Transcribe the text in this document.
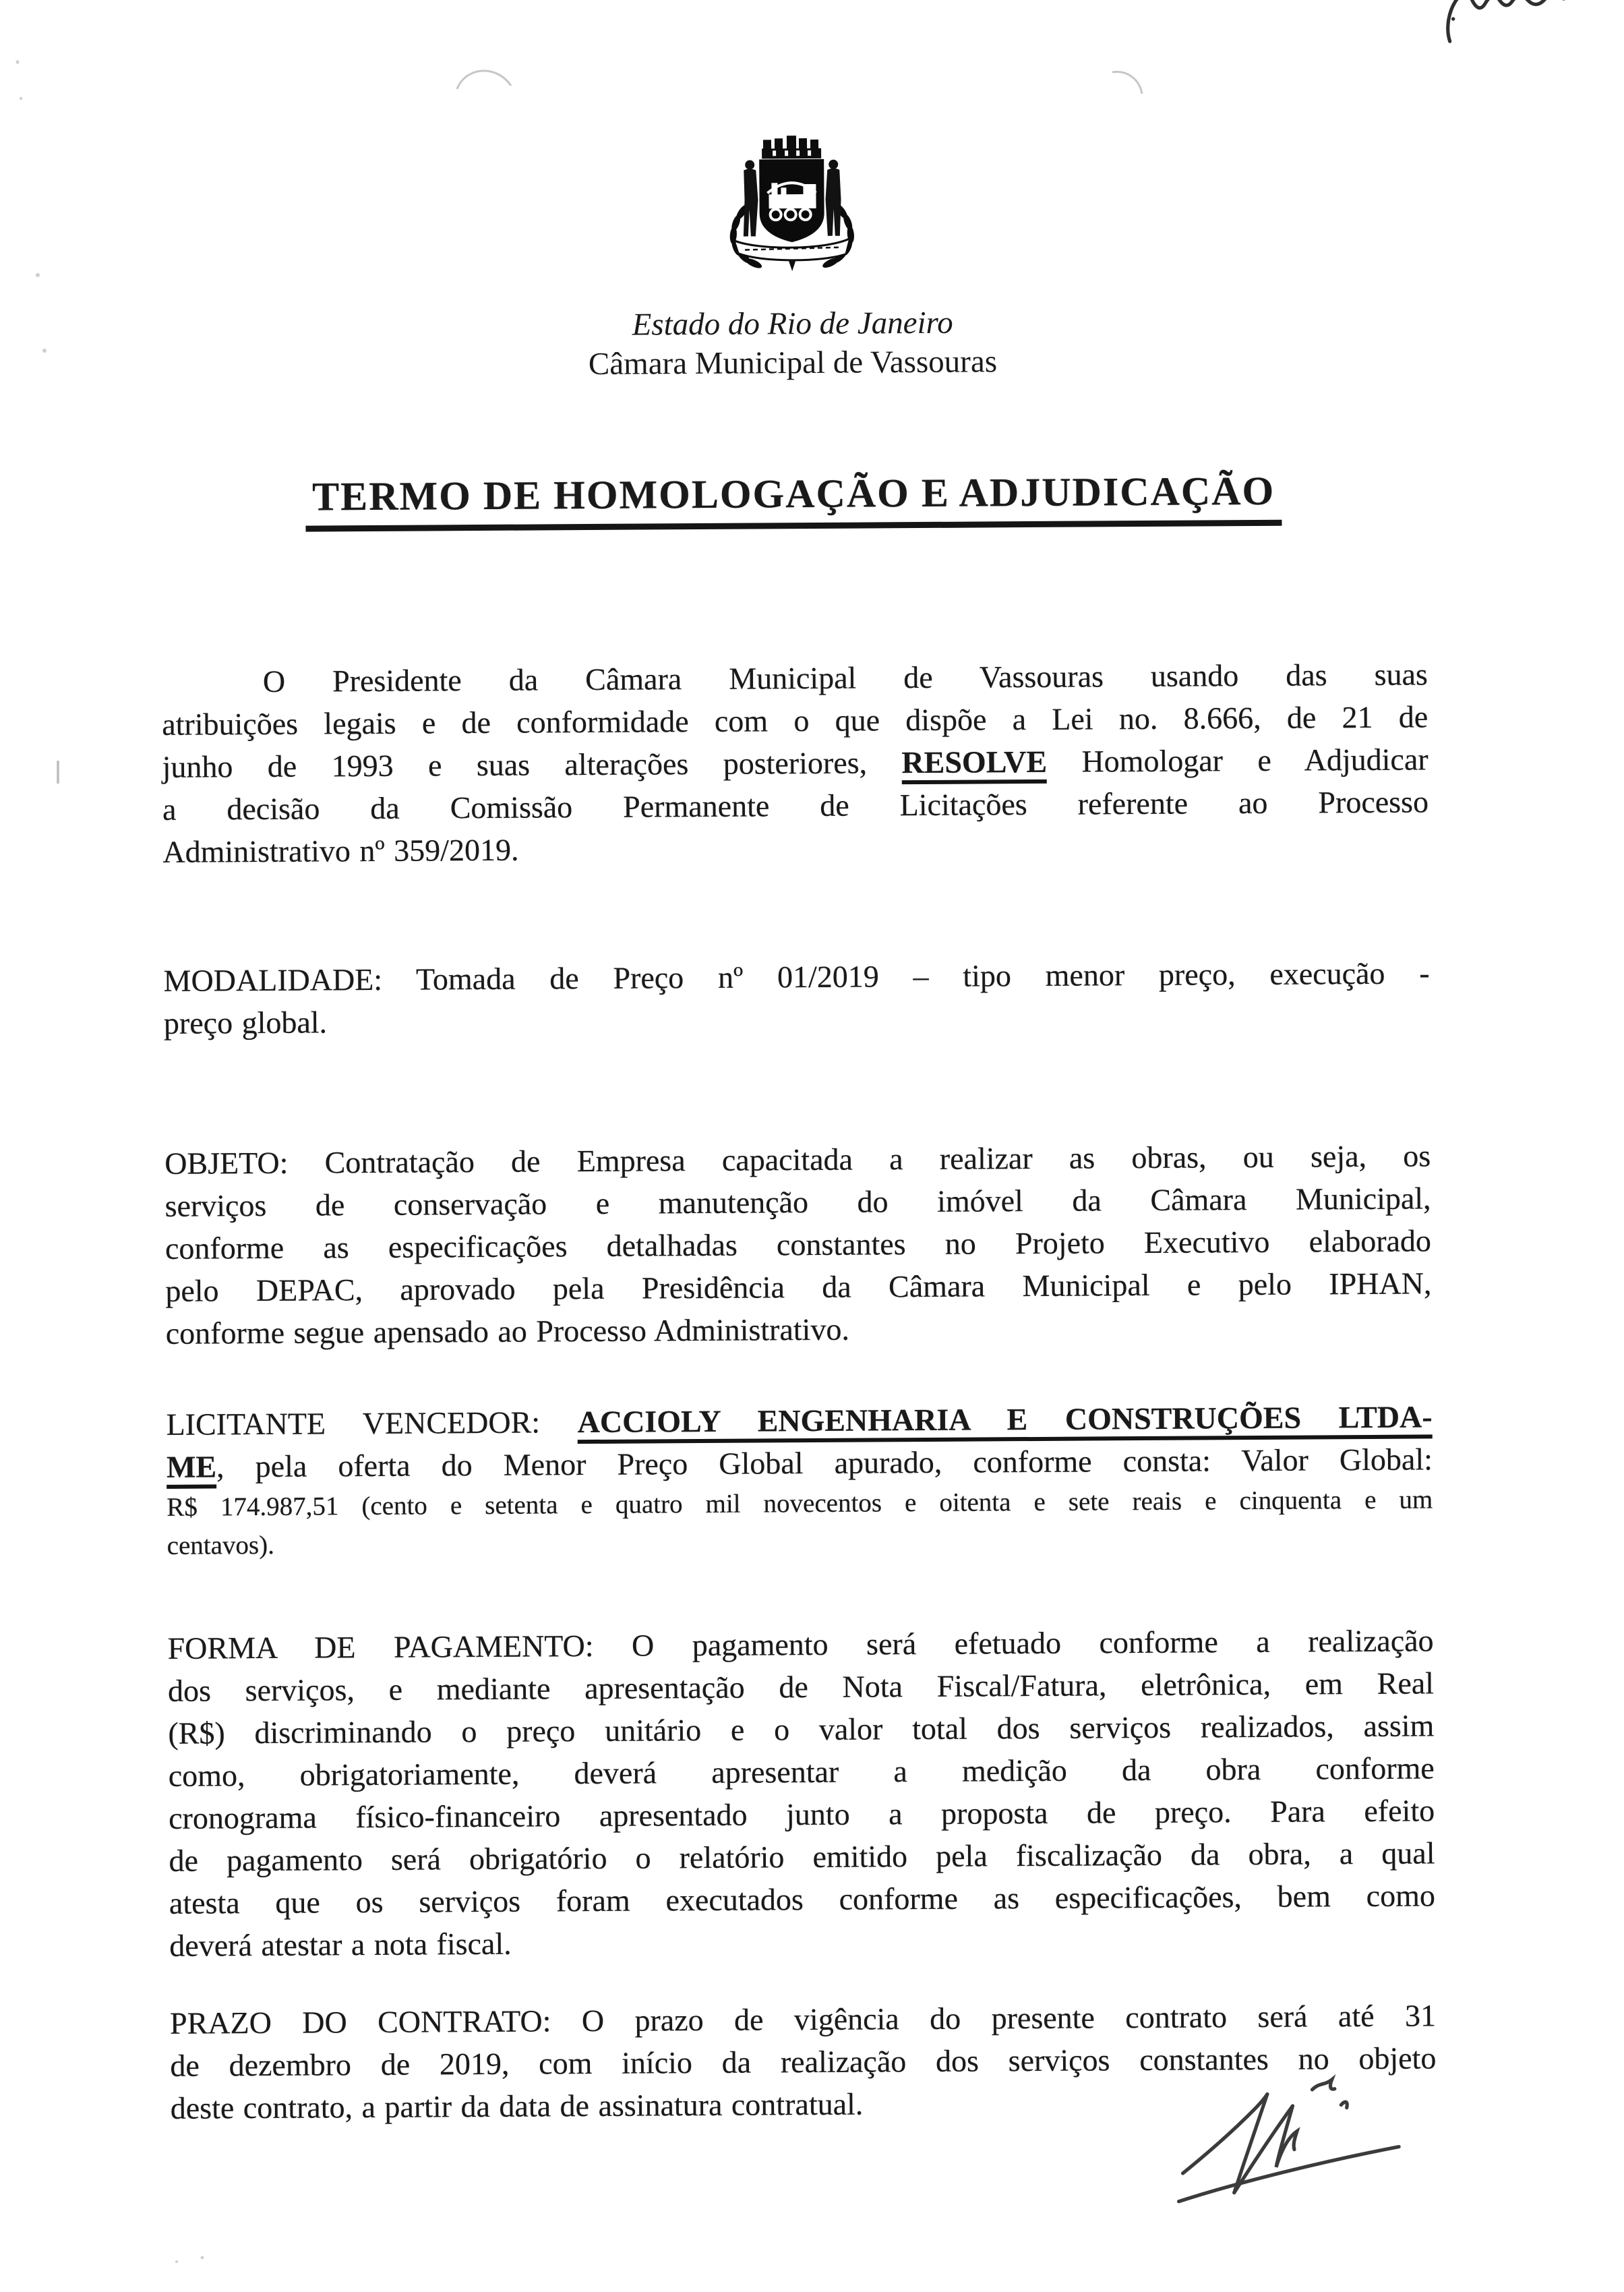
Estado do Rio de Janeiro
Câmara Municipal de Vassouras
TERMO DE HOMOLOGAÇÃO E ADJUDICAÇÃO
O Presidente da Câmara Municipal de Vassouras usando das suas
atribuições legais e de conformidade com o que dispõe a Lei no. 8.666, de 21 de
junho de 1993 e suas alterações posteriores, RESOLVE Homologar e Adjudicar
a decisão da Comissão Permanente de Licitações referente ao Processo
Administrativo nº 359/2019.
MODALIDADE: Tomada de Preço nº 01/2019 – tipo menor preço, execução -
preço global.
OBJETO: Contratação de Empresa capacitada a realizar as obras, ou seja, os
serviços de conservação e manutenção do imóvel da Câmara Municipal,
conforme as especificações detalhadas constantes no Projeto Executivo elaborado
pelo DEPAC, aprovado pela Presidência da Câmara Municipal e pelo IPHAN,
conforme segue apensado ao Processo Administrativo.
LICITANTE VENCEDOR: ACCIOLY ENGENHARIA E CONSTRUÇÕES LTDA-
ME, pela oferta do Menor Preço Global apurado, conforme consta: Valor Global:
R$ 174.987,51 (cento e setenta e quatro mil novecentos e oitenta e sete reais e cinquenta e um
centavos).
FORMA DE PAGAMENTO: O pagamento será efetuado conforme a realização
dos serviços, e mediante apresentação de Nota Fiscal/Fatura, eletrônica, em Real
(R$) discriminando o preço unitário e o valor total dos serviços realizados, assim
como, obrigatoriamente, deverá apresentar a medição da obra conforme
cronograma físico-financeiro apresentado junto a proposta de preço. Para efeito
de pagamento será obrigatório o relatório emitido pela fiscalização da obra, a qual
atesta que os serviços foram executados conforme as especificações, bem como
deverá atestar a nota fiscal.
PRAZO DO CONTRATO: O prazo de vigência do presente contrato será até 31
de dezembro de 2019, com início da realização dos serviços constantes no objeto
deste contrato, a partir da data de assinatura contratual.
